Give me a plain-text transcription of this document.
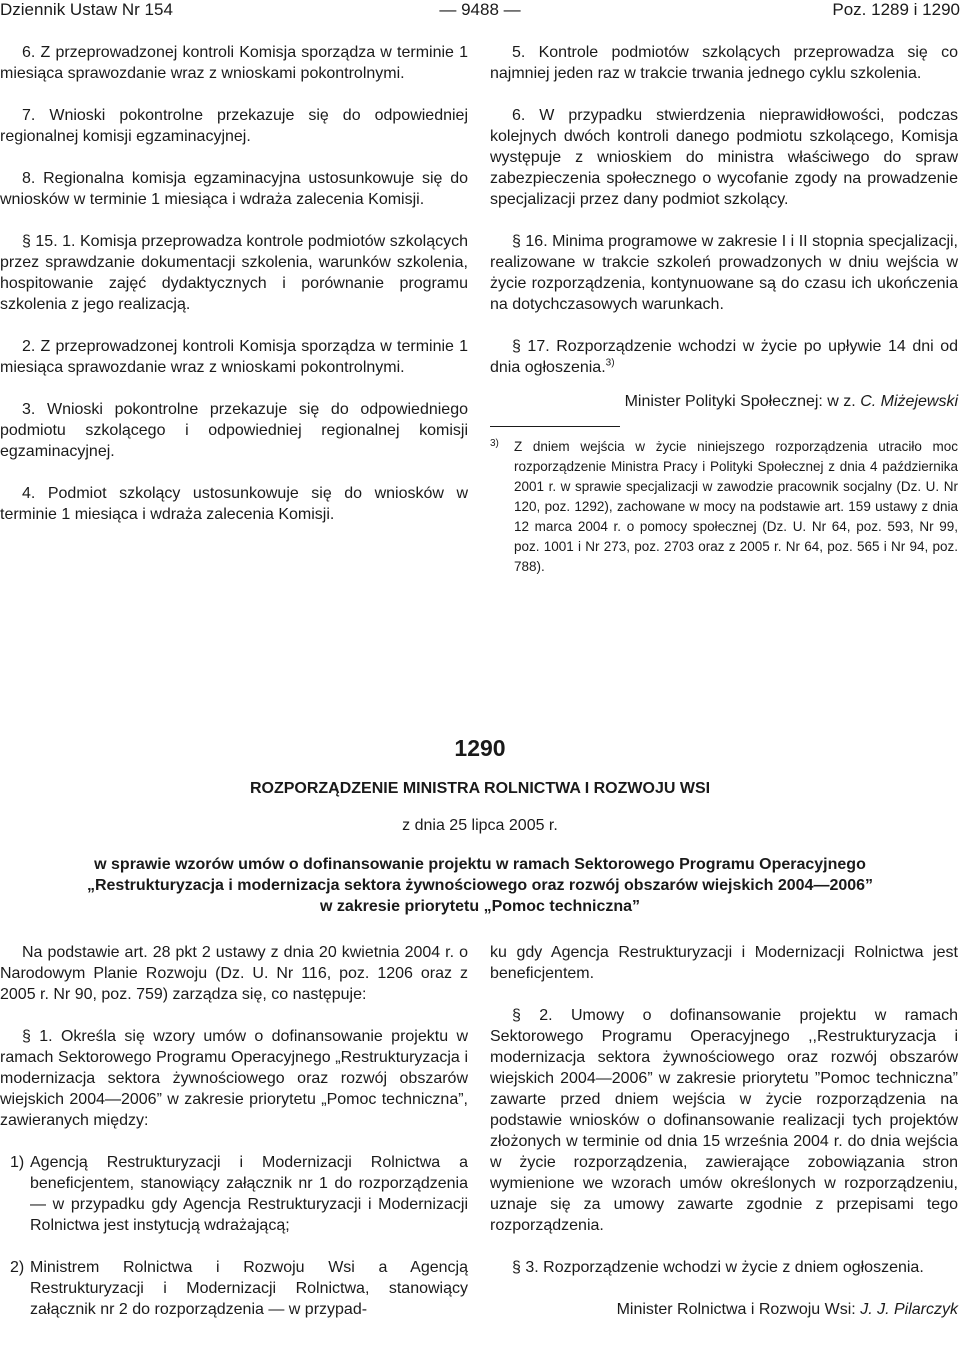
Dziennik Ustaw Nr 154	— 9488 —	Poz. 1289 i 1290

6. Z przeprowadzonej kontroli Komisja sporządza w terminie 1 miesiąca sprawozdanie wraz z wnioskami pokontrolnymi.

7. Wnioski pokontrolne przekazuje się do odpowiedniej regionalnej komisji egzaminacyjnej.

8. Regionalna komisja egzaminacyjna ustosunkowuje się do wniosków w terminie 1 miesiąca i wdraża zalecenia Komisji.

§ 15. 1. Komisja przeprowadza kontrole podmiotów szkolących przez sprawdzanie dokumentacji szkolenia, warunków szkolenia, hospitowanie zajęć dydaktycznych i porównanie programu szkolenia z jego realizacją.

2. Z przeprowadzonej kontroli Komisja sporządza w terminie 1 miesiąca sprawozdanie wraz z wnioskami pokontrolnymi.

3. Wnioski pokontrolne przekazuje się do odpowiedniego podmiotu szkolącego i odpowiedniej regionalnej komisji egzaminacyjnej.

4. Podmiot szkolący ustosunkowuje się do wniosków w terminie 1 miesiąca i wdraża zalecenia Komisji.

5. Kontrole podmiotów szkolących przeprowadza się co najmniej jeden raz w trakcie trwania jednego cyklu szkolenia.

6. W przypadku stwierdzenia nieprawidłowości, podczas kolejnych dwóch kontroli danego podmiotu szkolącego, Komisja występuje z wnioskiem do ministra właściwego do spraw zabezpieczenia społecznego o wycofanie zgody na prowadzenie specjalizacji przez dany podmiot szkolący.

§ 16. Minima programowe w zakresie I i II stopnia specjalizacji, realizowane w trakcie szkoleń prowadzonych w dniu wejścia w życie rozporządzenia, kontynuowane są do czasu ich ukończenia na dotychczasowych warunkach.

§ 17. Rozporządzenie wchodzi w życie po upływie 14 dni od dnia ogłoszenia.$^{3)}$

Minister Polityki Społecznej: w z. C. Miżejewski
3)	Z dniem wejścia w życie niniejszego rozporządzenia utraciło moc rozporządzenie Ministra Pracy i Polityki Społecznej z dnia 4 października 2001 r. w sprawie specjalizacji w zawodzie pracownik socjalny (Dz. U. Nr 120, poz. 1292), zachowane w mocy na podstawie art. 159 ustawy z dnia 12 marca 2004 r. o pomocy społecznej (Dz. U. Nr 64, poz. 593, Nr 99, poz. 1001 i Nr 273, poz. 2703 oraz z 2005 r. Nr 64, poz. 565 i Nr 94, poz. 788).
1290
ROZPORZĄDZENIE MINISTRA ROLNICTWA I ROZWOJU WSI
z dnia 25 lipca 2005 r.
w sprawie wzorów umów o dofinansowanie projektu w ramach Sektorowego Programu Operacyjnego
„Restrukturyzacja i modernizacja sektora żywnościowego oraz rozwój obszarów wiejskich 2004—2006”
w zakresie priorytetu „Pomoc techniczna”

Na podstawie art. 28 pkt 2 ustawy z dnia 20 kwietnia 2004 r. o Narodowym Planie Rozwoju (Dz. U. Nr 116, poz. 1206 oraz z 2005 r. Nr 90, poz. 759) zarządza się, co następuje:

§ 1. Określa się wzory umów o dofinansowanie projektu w ramach Sektorowego Programu Operacyjnego „Restrukturyzacja i modernizacja sektora żywnościowego oraz rozwój obszarów wiejskich 2004—2006” w zakresie priorytetu „Pomoc techniczna”, zawieranych między:

1) Agencją Restrukturyzacji i Modernizacji Rolnictwa a beneficjentem, stanowiący załącznik nr 1 do rozporządzenia — w przypadku gdy Agencja Restrukturyzacji i Modernizacji Rolnictwa jest instytucją wdrażającą;
2) Ministrem Rolnictwa i Rozwoju Wsi a Agencją Restrukturyzacji i Modernizacji Rolnictwa, stanowiący załącznik nr 2 do rozporządzenia — w przypad-

ku gdy Agencja Restrukturyzacji i Modernizacji Rolnictwa jest beneficjentem.

§ 2. Umowy o dofinansowanie projektu w ramach Sektorowego Programu Operacyjnego ,,Restrukturyzacja i modernizacja sektora żywnościowego oraz rozwój obszarów wiejskich 2004—2006” w zakresie priorytetu ”Pomoc techniczna” zawarte przed dniem wejścia w życie rozporządzenia na podstawie wniosków o dofinansowanie realizacji tych projektów złożonych w terminie od dnia 15 września 2004 r. do dnia wejścia w życie rozporządzenia, zawierające zobowiązania stron wymienione we wzorach umów określonych w rozporządzeniu, uznaje się za umowy zawarte zgodnie z przepisami tego rozporządzenia.

§ 3. Rozporządzenie wchodzi w życie z dniem ogłoszenia.

Minister Rolnictwa i Rozwoju Wsi: J. J. Pilarczyk
